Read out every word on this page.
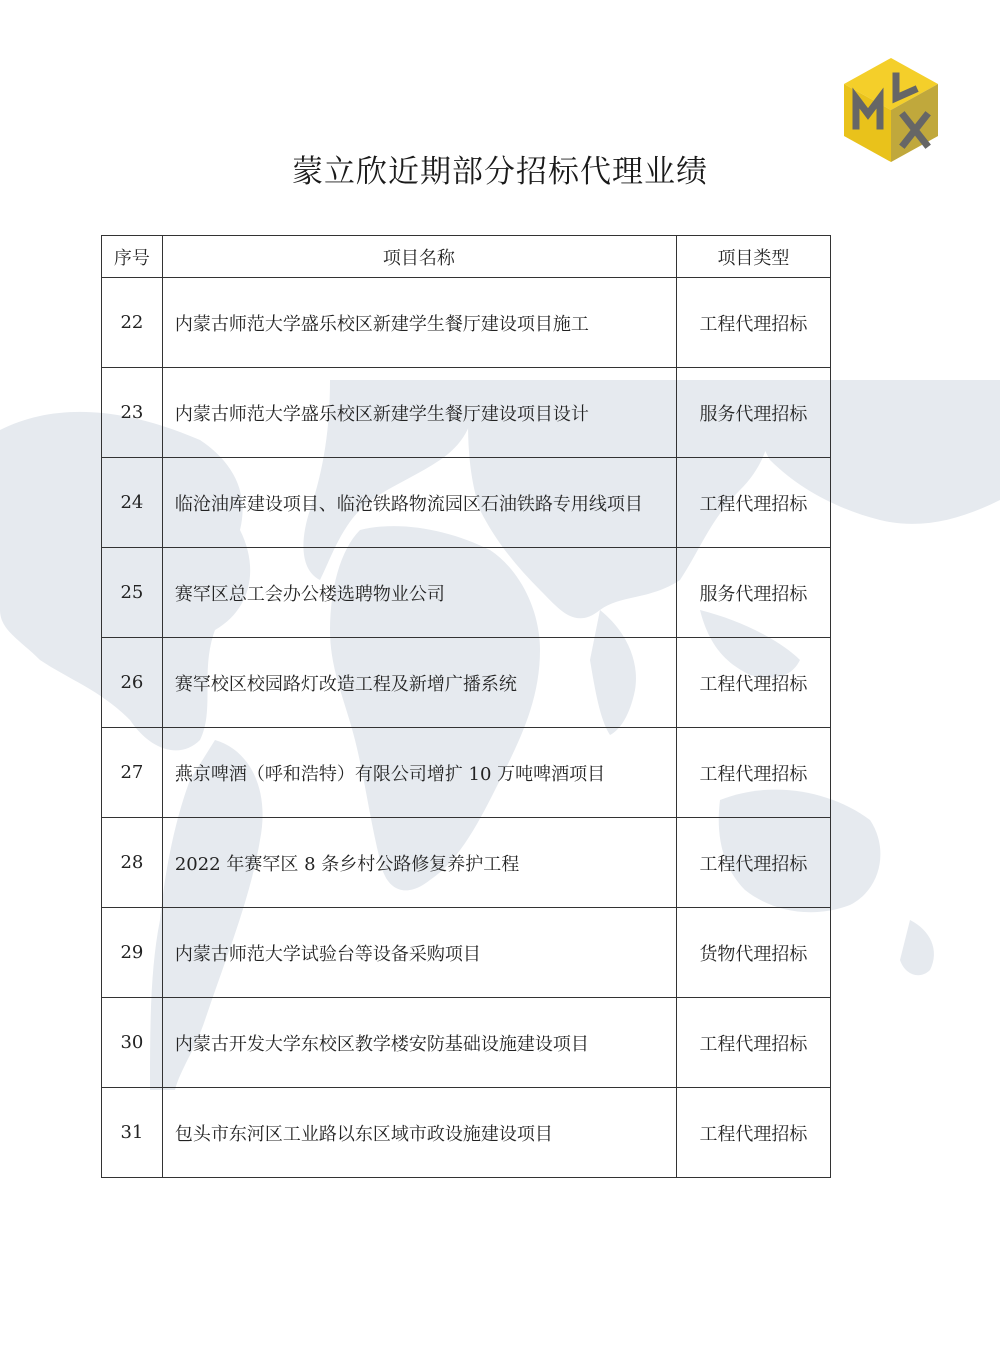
蒙立欣近期部分招标代理业绩
序号	项目名称	项目类型
22	内蒙古师范大学盛乐校区新建学生餐厅建设项目施工	工程代理招标
23	内蒙古师范大学盛乐校区新建学生餐厅建设项目设计	服务代理招标
24	临沧油库建设项目、临沧铁路物流园区石油铁路专用线项目	工程代理招标
25	赛罕区总工会办公楼选聘物业公司	服务代理招标
26	赛罕校区校园路灯改造工程及新增广播系统	工程代理招标
27	燕京啤酒（呼和浩特）有限公司增扩 10 万吨啤酒项目	工程代理招标
28	2022 年赛罕区 8 条乡村公路修复养护工程	工程代理招标
29	内蒙古师范大学试验台等设备采购项目	货物代理招标
30	内蒙古开发大学东校区教学楼安防基础设施建设项目	工程代理招标
31	包头市东河区工业路以东区域市政设施建设项目	工程代理招标
